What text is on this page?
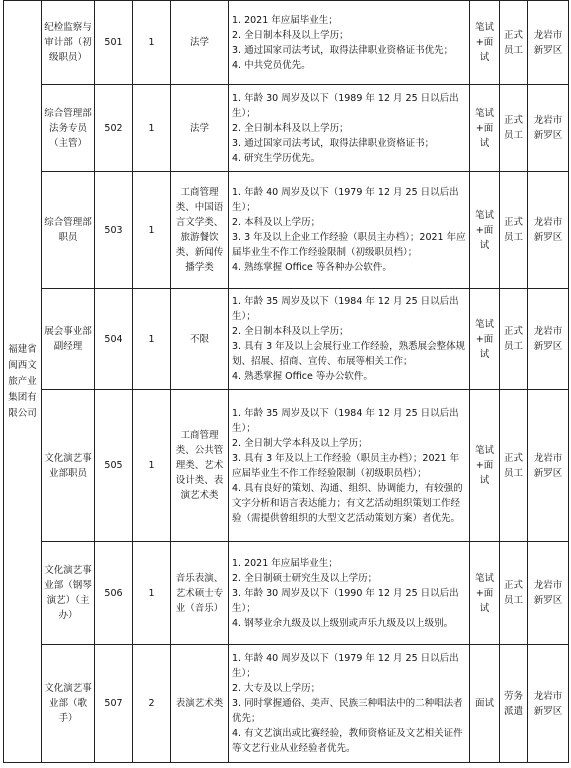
福建省闽西文旅产业集团有限公司	纪检监察与审计部（初级职员）	501	1	法学	1. 2021 年应届毕业生；
2. 全日制本科及以上学历；
3. 通过国家司法考试，取得法律职业资格证书优先；
4. 中共党员优先。	笔试+面试	正式员工	龙岩市新罗区
	综合管理部法务专员（主管）	502	1	法学	1. 年龄 30 周岁及以下（1989 年 12 月 25 日以后出生）；
2. 全日制本科及以上学历；
3. 通过国家司法考试，取得法律职业资格证书；
4. 研究生学历优先。	笔试+面试	正式员工	龙岩市新罗区
	综合管理部职员	503	1	工商管理类、中国语言文学类、旅游餐饮类、新闻传播学类	1. 年龄 40 周岁及以下（1979 年 12 月 25 日以后出生）；
2. 本科及以上学历；
3. 3 年及以上企业工作经验（职员主办档）；2021 年应届毕业生不作工作经验限制（初级职员档）；
4. 熟练掌握 Office 等各种办公软件。	笔试+面试	正式员工	龙岩市新罗区
	展会事业部副经理	504	1	不限	1. 年龄 35 周岁及以下（1984 年 12 月 25 日以后出生）；
2. 全日制本科及以上学历；
3. 具有 3 年及以上会展行业工作经验，熟悉展会整体规划、招展、招商、宣传、布展等相关工作；
4. 熟悉掌握 Office 等办公软件。	笔试+面试	正式员工	龙岩市新罗区
	文化演艺事业部职员	505	1	工商管理类、公共管理类、艺术设计类、表演艺术类	1. 年龄 35 周岁及以下（1984 年 12 月 25 日以后出生）；
2. 全日制大学本科及以上学历；
3. 具有 3 年及以上工作经验（职员主办档）；2021 年应届毕业生不作工作经验限制（初级职员档）；
4. 具有良好的策划、沟通、组织、协调能力，有较强的文字分析和语言表达能力；有文艺活动组织策划工作经验（需提供曾组织的大型文艺活动策划方案）者优先。	笔试+面试	正式员工	龙岩市新罗区
	文化演艺事业部（钢琴演艺）（主办）	506	1	音乐表演、艺术硕士专业（音乐）	1. 2021 年应届毕业生；
2. 全日制硕士研究生及以上学历；
3. 年龄 30 周岁及以下（1990 年 12 月 25 日以后出生）；
4. 钢琴业余九级及以上级别或声乐九级及以上级别。	笔试+面试	正式员工	龙岩市新罗区
	文化演艺事业部（歌手）	507	2	表演艺术类	1. 年龄 40 周岁及以下（1979 年 12 月 25 日以后出生）；
2. 大专及以上学历；
3. 同时掌握通俗、美声、民族三种唱法中的二种唱法者优先；
4. 有文艺演出或比赛经验，教师资格证及文艺相关证件等文艺行业从业经验者优先。	面试	劳务派遣	龙岩市新罗区
